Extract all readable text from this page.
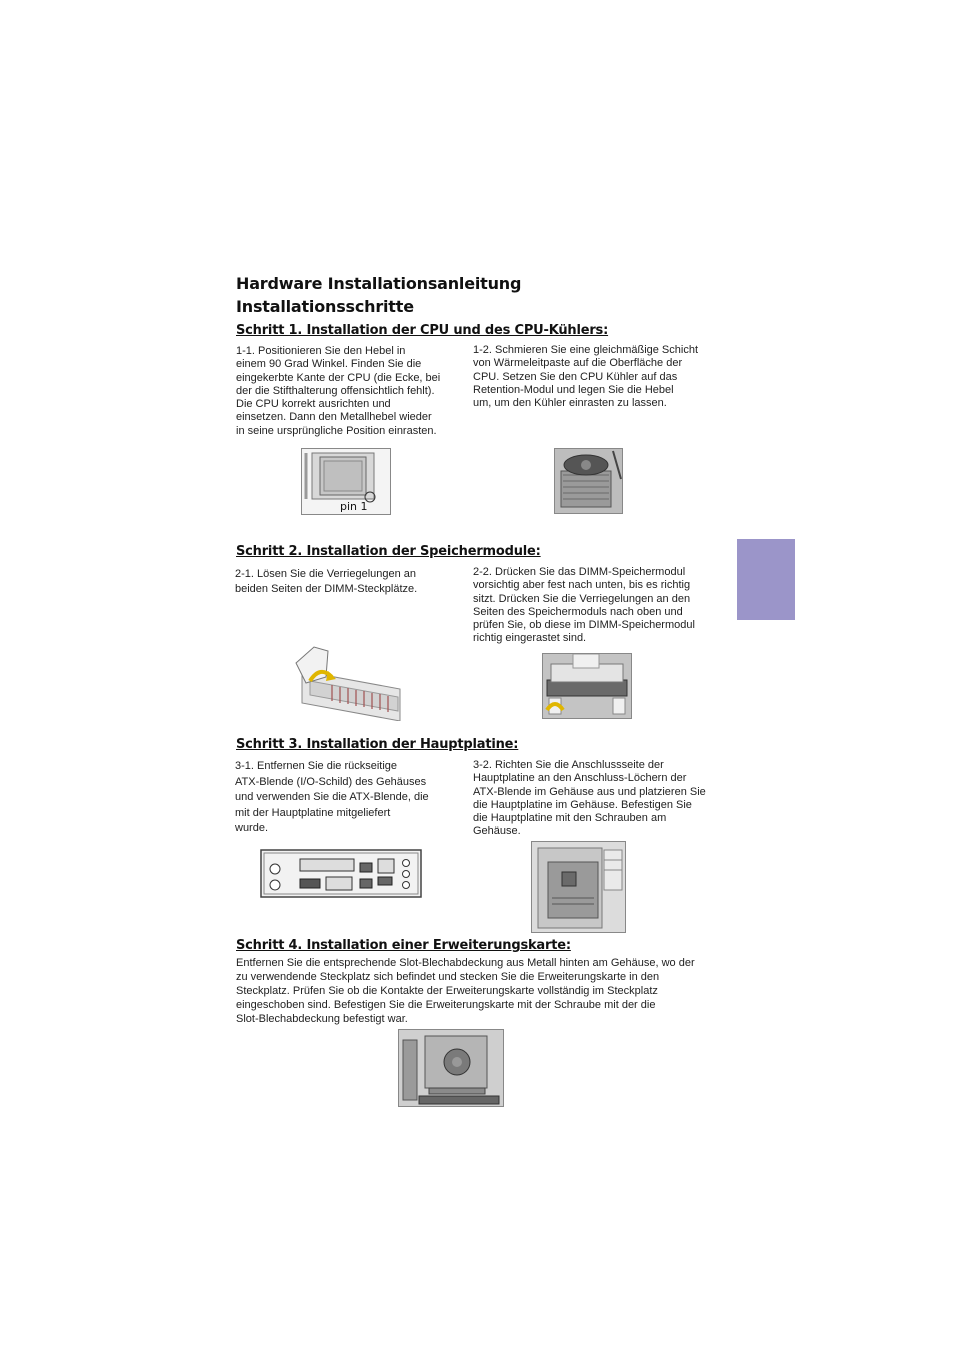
Hardware Installationsanleitung
Installationsschritte
Schritt 1. Installation der CPU und des CPU-Kühlers:
1-1. Positionieren Sie den Hebel in
einem 90 Grad Winkel. Finden Sie die
eingekerbte Kante der CPU (die Ecke, bei
der die Stifthalterung offensichtlich fehlt).
Die CPU korrekt ausrichten und
einsetzen. Dann den Metallhebel wieder
in seine ursprüngliche Position einrasten.
1-2. Schmieren Sie eine gleichmäßige Schicht
von Wärmeleitpaste auf die Oberfläche der
CPU. Setzen Sie den CPU Kühler auf das
Retention-Modul und legen Sie die Hebel
um, um den Kühler einrasten zu lassen.
pin 1
Schritt 2. Installation der Speichermodule:
2-1. Lösen Sie die Verriegelungen an
beiden Seiten der DIMM-Steckplätze.
2-2. Drücken Sie das DIMM-Speichermodul
vorsichtig aber fest nach unten, bis es richtig
sitzt. Drücken Sie die Verriegelungen an den
Seiten des Speichermoduls nach oben und
prüfen Sie, ob diese im DIMM-Speichermodul
richtig eingerastet sind.
Schritt 3. Installation der Hauptplatine:
3-1. Entfernen Sie die rückseitige
ATX-Blende (I/O-Schild) des Gehäuses
und verwenden Sie die ATX-Blende, die
mit der Hauptplatine mitgeliefert
wurde.
3-2. Richten Sie die Anschlussseite der
Hauptplatine an den Anschluss-Löchern der
ATX-Blende im Gehäuse aus und platzieren Sie
die Hauptplatine im Gehäuse. Befestigen Sie
die Hauptplatine mit den Schrauben am
Gehäuse.
Schritt 4. Installation einer Erweiterungskarte:
Entfernen Sie die entsprechende Slot-Blechabdeckung aus Metall hinten am Gehäuse, wo der
zu verwendende Steckplatz sich befindet und stecken Sie die Erweiterungskarte in den
Steckplatz. Prüfen Sie ob die Kontakte der Erweiterungskarte vollständig im Steckplatz
eingeschoben sind. Befestigen Sie die Erweiterungskarte mit der Schraube mit der die
Slot-Blechabdeckung befestigt war.
